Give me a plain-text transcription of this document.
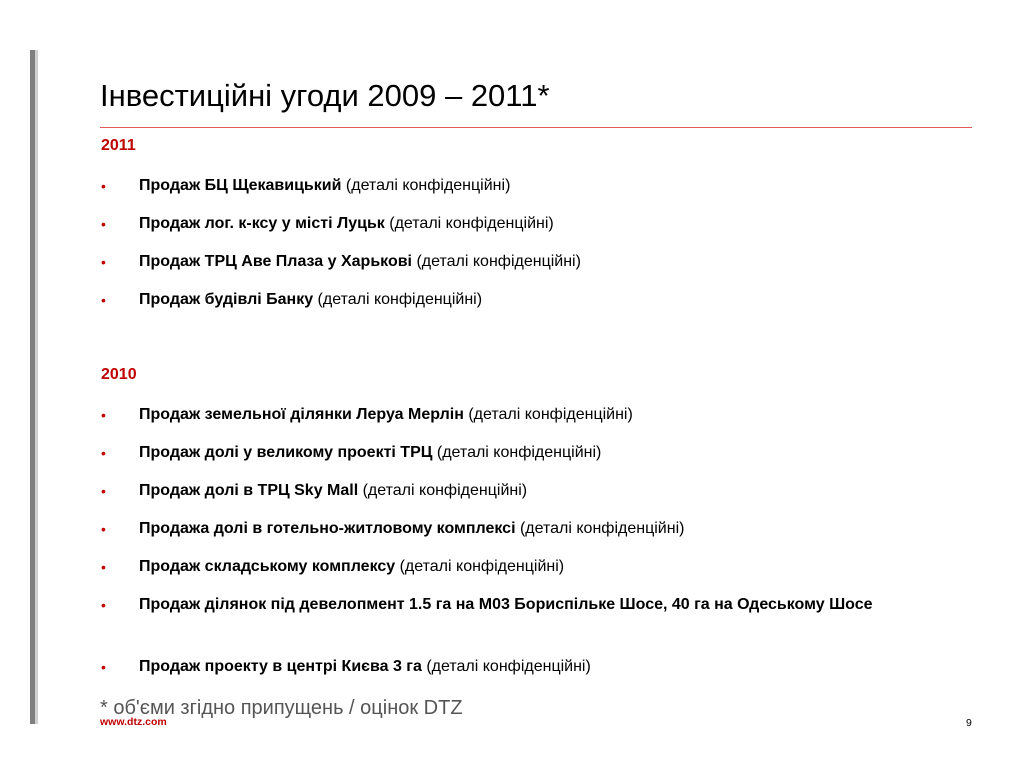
Інвестиційні угоди 2009 – 2011*
2011
• Продаж БЦ Щекавицький (деталі конфіденційні)
• Продаж лог. к-ксу у місті Луцьк (деталі конфіденційні)
• Продаж ТРЦ Аве Плаза у Харькові (деталі конфіденційні)
• Продаж будівлі Банку (деталі конфіденційні)
2010
• Продаж земельної ділянки Леруа Мерлін (деталі конфіденційні)
• Продаж долі у великому проекті ТРЦ (деталі конфіденційні)
• Продаж долі в ТРЦ Sky Mall (деталі конфіденційні)
• Продажа долі в готельно-житловому комплексі (деталі конфіденційні)
• Продаж складському комплексу (деталі конфіденційні)
• Продаж ділянок під девелопмент 1.5 га на М03 Бориспільке Шосе, 40 га на Одеському Шосе
• Продаж проекту в центрі Києва 3 га (деталі конфіденційні)
* об'єми згідно припущень / оцінок DTZ
www.dtz.com	9
